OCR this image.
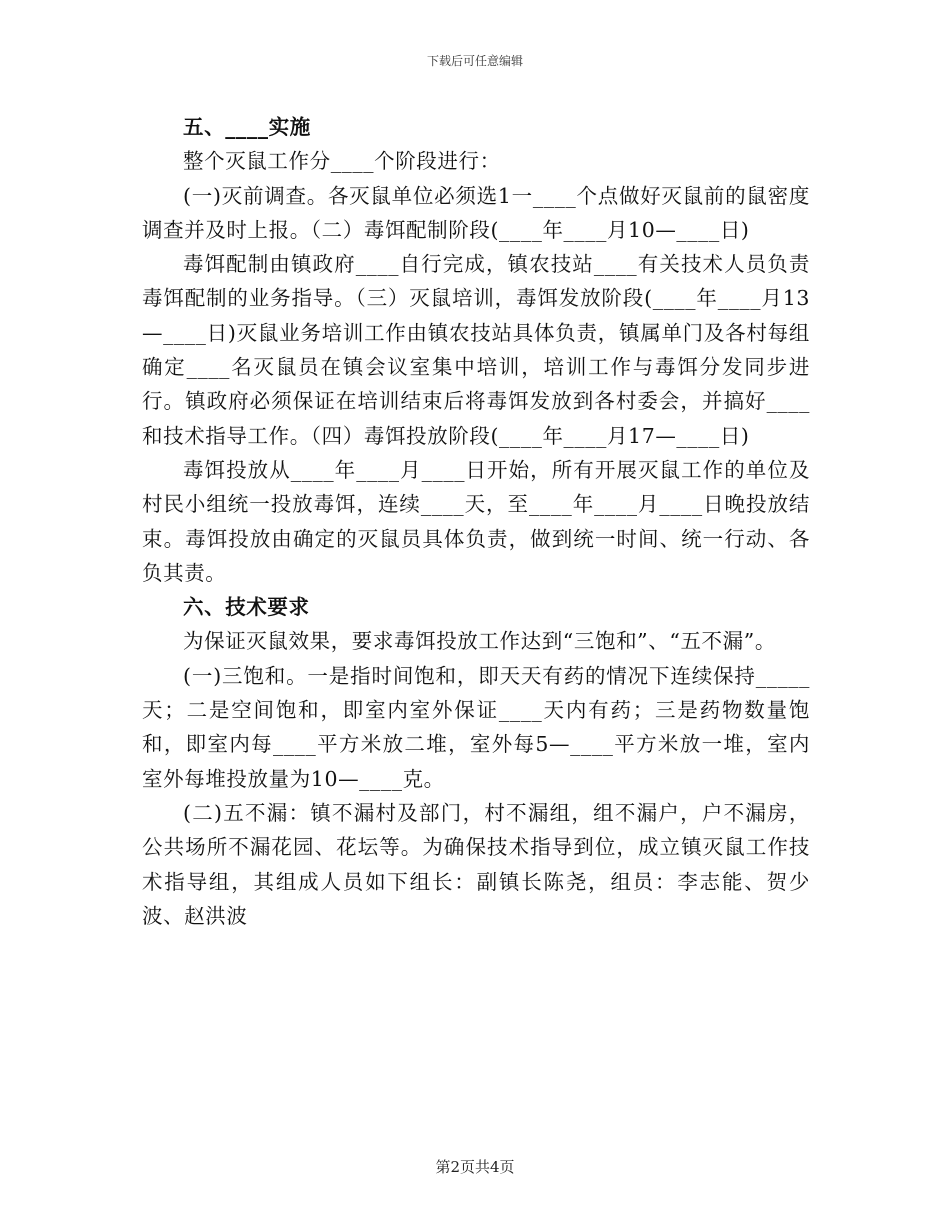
下载后可任意编辑

五、____实施

整个灭鼠工作分____个阶段进行：

(一)灭前调查。各灭鼠单位必须选1一____个点做好灭鼠前的鼠密度调查并及时上报。（二）毒饵配制阶段(____年____月10—____日)

毒饵配制由镇政府____自行完成，镇农技站____有关技术人员负责毒饵配制的业务指导。（三）灭鼠培训，毒饵发放阶段(____年____月13—____日)灭鼠业务培训工作由镇农技站具体负责，镇属单门及各村每组确定____名灭鼠员在镇会议室集中培训，培训工作与毒饵分发同步进行。镇政府必须保证在培训结束后将毒饵发放到各村委会，并搞好____和技术指导工作。（四）毒饵投放阶段(____年____月17—____日)

毒饵投放从____年____月____日开始，所有开展灭鼠工作的单位及村民小组统一投放毒饵，连续____天，至____年____月____日晚投放结束。毒饵投放由确定的灭鼠员具体负责，做到统一时间、统一行动、各负其责。

六、技术要求

为保证灭鼠效果，要求毒饵投放工作达到“三饱和”、“五不漏”。

(一)三饱和。一是指时间饱和，即天天有药的情况下连续保持_____天；二是空间饱和，即室内室外保证____天内有药；三是药物数量饱和，即室内每____平方米放二堆，室外每5—____平方米放一堆，室内室外每堆投放量为10—____克。

(二)五不漏：镇不漏村及部门，村不漏组，组不漏户，户不漏房，公共场所不漏花园、花坛等。为确保技术指导到位，成立镇灭鼠工作技术指导组，其组成人员如下组长：副镇长陈尧，组员：李志能、贺少波、赵洪波

第2页共4页
